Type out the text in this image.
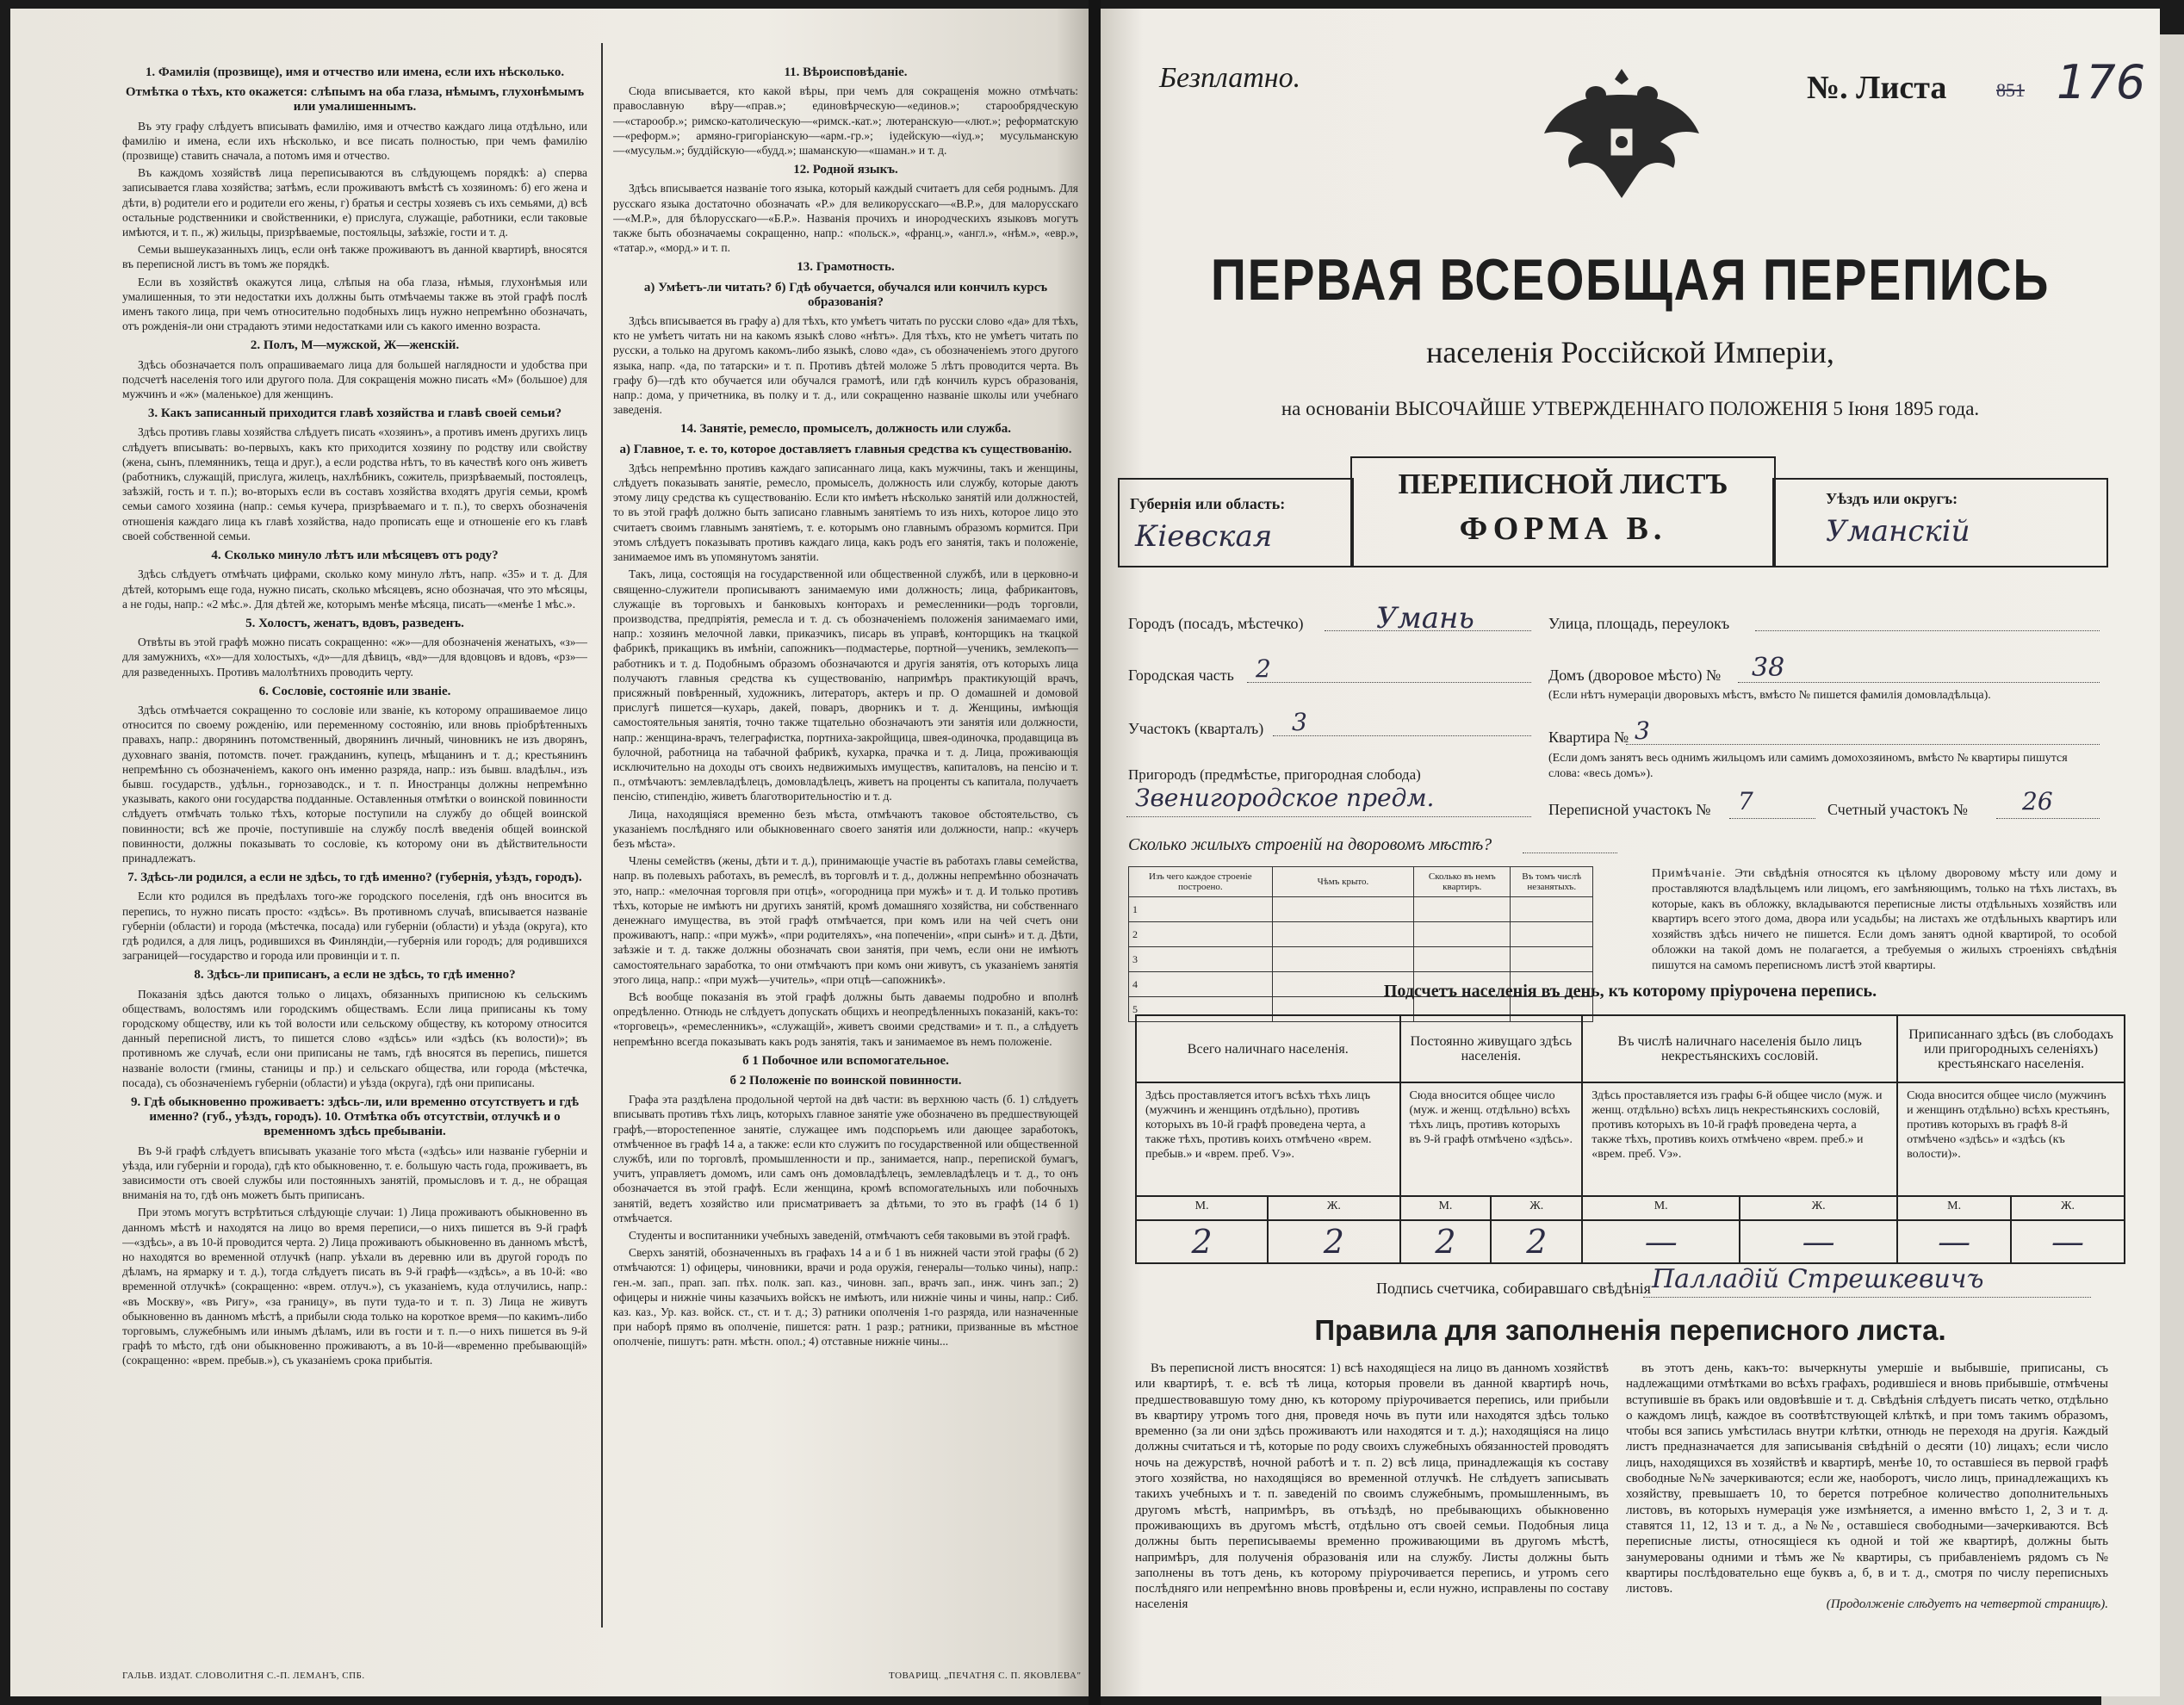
1. Фамилія (прозвище), имя и отчество или имена, если ихъ нѣсколько.
Отмѣтка о тѣхъ, кто окажется: слѣпымъ на оба глаза, нѣмымъ, глухонѣмымъ или умалишеннымъ.

Въ эту графу слѣдуетъ вписывать фамилію, имя и отчество каждаго лица отдѣльно, или фамилію и имена, если ихъ нѣсколько, и все писать полностью, при чемъ фамилію (прозвище) ставить сначала, а потомъ имя и отчество.

Въ каждомъ хозяйствѣ лица переписываются въ слѣдующемъ порядкѣ: а) сперва записывается глава хозяйства; затѣмъ, если проживаютъ вмѣстѣ съ хозяиномъ: б) его жена и дѣти, в) родители его и родители его жены, г) братья и сестры хозяевъ съ ихъ семьями, д) всѣ остальные родственники и свойственники, е) прислуга, служащіе, работники, если таковые имѣются, и т. п., ж) жильцы, призрѣваемые, постояльцы, заѣзжіе, гости и т. д.

Семьи вышеуказанныхъ лицъ, если онѣ также проживаютъ въ данной квартирѣ, вносятся въ переписной листъ въ томъ же порядкѣ.

Если въ хозяйствѣ окажутся лица, слѣпыя на оба глаза, нѣмыя, глухонѣмыя или умалишенныя, то эти недостатки ихъ должны быть отмѣчаемы также въ этой графѣ послѣ именъ такого лица, при чемъ относительно подобныхъ лицъ нужно непремѣнно обозначать, отъ рожденія-ли они страдаютъ этими недостатками или съ какого именно возраста.

2. Полъ, М—мужской, Ж—женскій.

Здѣсь обозначается полъ опрашиваемаго лица для большей наглядности и удобства при подсчетѣ населенія того или другого пола. Для сокращенія можно писать «М» (большое) для мужчинъ и «ж» (маленькое) для женщинъ.

3. Какъ записанный приходится главѣ хозяйства и главѣ своей семьи?

Здѣсь противъ главы хозяйства слѣдуетъ писать «хозяинъ», а противъ именъ другихъ лицъ слѣдуетъ вписывать: во-первыхъ, какъ кто приходится хозяину по родству или свойству (жена, сынъ, племянникъ, теща и друг.), а если родства нѣтъ, то въ качествѣ кого онъ живетъ (работникъ, служащій, прислуга, жилецъ, нахлѣбникъ, сожитель, призрѣваемый, постоялецъ, заѣзжій, гость и т. п.); во-вторыхъ если въ составъ хозяйства входятъ другія семьи, кромѣ семьи самого хозяина (напр.: семья кучера, призрѣваемаго и т. п.), то сверхъ обозначенія отношенія каждаго лица къ главѣ хозяйства, надо прописать еще и отношеніе его къ главѣ своей собственной семьи.

4. Сколько минуло лѣтъ или мѣсяцевъ отъ роду?

Здѣсь слѣдуетъ отмѣчать цифрами, сколько кому минуло лѣтъ, напр. «35» и т. д. Для дѣтей, которымъ еще года, нужно писать, сколько мѣсяцевъ, ясно обозначая, что это мѣсяцы, а не годы, напр.: «2 мѣс.». Для дѣтей же, которымъ менѣе мѣсяца, писать—«менѣе 1 мѣс.».

5. Холостъ, женатъ, вдовъ, разведенъ.

Отвѣты въ этой графѣ можно писать сокращенно: «ж»—для обозначенія женатыхъ, «з»—для замужнихъ, «х»—для холостыхъ, «д»—для дѣвицъ, «вд»—для вдовцовъ и вдовъ, «рз»—для разведенныхъ. Противъ малолѣтнихъ проводить черту.

6. Сословіе, состояніе или званіе.

Здѣсь отмѣчается сокращенно то сословіе или званіе, къ которому опрашиваемое лицо относится по своему рожденію, или переменному состоянію, или вновь пріобрѣтенныхъ правахъ, напр.: дворянинъ потомственный, дворянинъ личный, чиновникъ не изъ дворянъ, духовнаго званія, потомств. почет. гражданинъ, купецъ, мѣщанинъ и т. д.; крестьянинъ непремѣнно съ обозначеніемъ, какого онъ именно разряда, напр.: изъ бывш. владѣльч., изъ бывш. государств., удѣльн., горнозаводск., и т. п. Иностранцы должны непремѣнно указывать, какого они государства подданные. Оставленныя отмѣтки о воинской повинности слѣдуетъ отмѣчать только тѣхъ, которые поступили на службу до общей воинской повинности; всѣ же прочіе, поступившіе на службу послѣ введенія общей воинской повинности, должны показывать то сословіе, къ которому они въ дѣйствительности принадлежатъ.

7. Здѣсь-ли родился, а если не здѣсь, то гдѣ именно? (губернія, уѣздъ, городъ).

Если кто родился въ предѣлахъ того-же городского поселенія, гдѣ онъ вносится въ перепись, то нужно писать просто: «здѣсь». Въ противномъ случаѣ, вписывается названіе губерніи (области) и города (мѣстечка, посада) или губерніи (области) и уѣзда (округа), кто гдѣ родился, а для лицъ, родившихся въ Финляндіи,—губернія или городъ; для родившихся заграницей—государство и города или провинціи и т. п.

8. Здѣсь-ли приписанъ, а если не здѣсь, то гдѣ именно?

Показанія здѣсь даются только о лицахъ, обязанныхъ приписною къ сельскимъ обществамъ, волостямъ или городскимъ обществамъ. Если лица приписаны къ тому городскому обществу, или къ той волости или сельскому обществу, къ которому относится данный переписной листъ, то пишется слово «здѣсь» или «здѣсь (къ волости)»; въ противномъ же случаѣ, если они приписаны не тамъ, гдѣ вносятся въ перепись, пишется названіе волости (гмины, станицы и пр.) и сельскаго общества, или города (мѣстечка, посада), съ обозначеніемъ губерніи (области) и уѣзда (округа), гдѣ они приписаны.

9. Гдѣ обыкновенно проживаетъ: здѣсь-ли, или временно отсутствуетъ и гдѣ именно? (губ., уѣздъ, городъ). 10. Отмѣтка объ отсутствіи, отлучкѣ и о временномъ здѣсь пребываніи.

Въ 9-й графѣ слѣдуетъ вписывать указаніе того мѣста («здѣсь» или названіе губерніи и уѣзда, или губерніи и города), гдѣ кто обыкновенно, т. е. большую часть года, проживаетъ, въ зависимости отъ своей службы или постоянныхъ занятій, промысловъ и т. д., не обращая вниманія на то, гдѣ онъ можетъ быть приписанъ.

При этомъ могутъ встрѣтиться слѣдующіе случаи: 1) Лица проживаютъ обыкновенно въ данномъ мѣстѣ и находятся на лицо во время переписи,—о нихъ пишется въ 9-й графѣ—«здѣсь», а въ 10-й проводится черта. 2) Лица проживаютъ обыкновенно въ данномъ мѣстѣ, но находятся во временной отлучкѣ (напр. уѣхали въ деревню или въ другой городъ по дѣламъ, на ярмарку и т. д.), тогда слѣдуетъ писать въ 9-й графѣ—«здѣсь», а въ 10-й: «во временной отлучкѣ» (сокращенно: «врем. отлуч.»), съ указаніемъ, куда отлучились, напр.: «въ Москву», «въ Ригу», «за границу», въ пути туда-то и т. п. 3) Лица не живутъ обыкновенно въ данномъ мѣстѣ, а прибыли сюда только на короткое время—по какимъ-либо торговымъ, служебнымъ или инымъ дѣламъ, или въ гости и т. п.—о нихъ пишется въ 9-й графѣ то мѣсто, гдѣ они обыкновенно проживаютъ, а въ 10-й—«временно пребывающій» (сокращенно: «врем. пребыв.»), съ указаніемъ срока прибытія.

11. Вѣроисповѣданіе.

Сюда вписывается, кто какой вѣры, при чемъ для сокращенія можно отмѣчать: православную вѣру—«прав.»; единовѣрческую—«единов.»; старообрядческую—«старообр.»; римско-католическую—«римск.-кат.»; лютеранскую—«лют.»; реформатскую—«реформ.»; армяно-григоріанскую—«арм.-гр.»; іудейскую—«іуд.»; мусульманскую—«мусульм.»; буддійскую—«будд.»; шаманскую—«шаман.» и т. д.

12. Родной языкъ.

Здѣсь вписывается названіе того языка, который каждый считаетъ для себя роднымъ. Для русскаго языка достаточно обозначать «Р.» для великорусскаго—«В.Р.», для малорусскаго—«М.Р.», для бѣлорусскаго—«Б.Р.». Названія прочихъ и инородческихъ языковъ могутъ также быть обозначаемы сокращенно, напр.: «польск.», «франц.», «англ.», «нѣм.», «евр.», «татар.», «морд.» и т. п.

13. Грамотность.
а) Умѣетъ-ли читать? б) Гдѣ обучается, обучался или кончилъ курсъ образованія?

Здѣсь вписывается въ графу а) для тѣхъ, кто умѣетъ читать по русски слово «да» для тѣхъ, кто не умѣетъ читать ни на какомъ языкѣ слово «нѣтъ». Для тѣхъ, кто не умѣетъ читать по русски, а только на другомъ какомъ-либо языкѣ, слово «да», съ обозначеніемъ этого другого языка, напр. «да, по татарски» и т. п. Противъ дѣтей моложе 5 лѣтъ проводится черта. Въ графу б)—гдѣ кто обучается или обучался грамотѣ, или гдѣ кончилъ курсъ образованія, напр.: дома, у причетника, въ полку и т. д., или сокращенно названіе школы или учебнаго заведенія.

14. Занятіе, ремесло, промыселъ, должность или служба.
а) Главное, т. е. то, которое доставляетъ главныя средства къ существованію.

Здѣсь непремѣнно противъ каждаго записаннаго лица, какъ мужчины, такъ и женщины, слѣдуетъ показывать занятіе, ремесло, промыселъ, должность или службу, которые даютъ этому лицу средства къ существованію. Если кто имѣетъ нѣсколько занятій или должностей, то въ этой графѣ должно быть записано главнымъ занятіемъ то изъ нихъ, которое лицо это считаетъ своимъ главнымъ занятіемъ, т. е. которымъ оно главнымъ образомъ кормится. При этомъ слѣдуетъ показывать противъ каждаго лица, какъ родъ его занятія, такъ и положеніе, занимаемое имъ въ упомянутомъ занятіи.

Такъ, лица, состоящія на государственной или общественной службѣ, или в церковно-и священно-служители прописываютъ занимаемую ими должность; лица, фабрикантовъ, служащіе въ торговыхъ и банковыхъ конторахъ и ремесленники—родъ торговли, производства, предпріятія, ремесла и т. д. съ обозначеніемъ положенія занимаемаго ими, напр.: хозяинъ мелочной лавки, приказчикъ, писарь въ управѣ, конторщикъ на ткацкой фабрикѣ, прикащикъ въ имѣніи, сапожникъ—подмастерье, портной—ученикъ, землекопъ—работникъ и т. д. Подобнымъ образомъ обозначаются и другія занятія, отъ которыхъ лица получаютъ главныя средства къ существованію, напримѣръ практикующій врачъ, присяжный повѣренный, художникъ, литераторъ, актеръ и пр. О домашней и домовой прислугѣ пишется—кухарь, дакей, поваръ, дворникъ и т. д. Женщины, имѣющія самостоятельныя занятія, точно также тщательно обозначаютъ эти занятія или должности, напр.: женщина-врачъ, телеграфистка, портниха-закройщица, швея-одиночка, продавщица въ булочной, работница на табачной фабрикѣ, кухарка, прачка и т. д. Лица, проживающія исключительно на доходы отъ своихъ недвижимыхъ имуществъ, капиталовъ, на пенсію и т. п., отмѣчаютъ: землевладѣлецъ, домовладѣлецъ, живетъ на проценты съ капитала, получаетъ пенсію, стипендію, живетъ благотворительностію и т. д.

Лица, находящіяся временно безъ мѣста, отмѣчаютъ таковое обстоятельство, съ указаніемъ послѣдняго или обыкновеннаго своего занятія или должности, напр.: «кучеръ безъ мѣста».

Члены семействъ (жены, дѣти и т. д.), принимающіе участіе въ работахъ главы семейства, напр. въ полевыхъ работахъ, въ ремеслѣ, въ торговлѣ и т. д., должны непремѣнно обозначать это, напр.: «мелочная торговля при отцѣ», «огородница при мужѣ» и т. д. И только противъ тѣхъ, которые не имѣютъ ни другихъ занятій, кромѣ домашняго хозяйства, ни собственнаго денежнаго имущества, въ этой графѣ отмѣчается, при комъ или на чей счетъ они проживаютъ, напр.: «при мужѣ», «при родителяхъ», «на попеченіи», «при сынѣ» и т. д. Дѣти, заѣзжіе и т. д. также должны обозначать свои занятія, при чемъ, если они не имѣютъ самостоятельнаго заработка, то они отмѣчаютъ при комъ они живутъ, съ указаніемъ занятія этого лица, напр.: «при мужѣ—учитель», «при отцѣ—сапожникѣ».

Всѣ вообще показанія въ этой графѣ должны быть даваемы подробно и вполнѣ опредѣленно. Отнюдь не слѣдуетъ допускать общихъ и неопредѣленныхъ показаній, какъ-то: «торговецъ», «ремесленникъ», «служащій», живетъ своими средствами» и т. п., а слѣдуетъ непремѣнно всегда показывать какъ родъ занятія, такъ и занимаемое въ немъ положеніе.

б 1 Побочное или вспомогательное.
б 2 Положеніе по воинской повинности.

Графа эта раздѣлена продольной чертой на двѣ части: въ верхнюю часть (б. 1) слѣдуетъ вписывать противъ тѣхъ лицъ, которыхъ главное занятіе уже обозначено въ предшествующей графѣ,—второстепенное занятіе, служащее имъ подспорьемъ или дающее заработокъ, отмѣченное въ графѣ 14 а, а также: если кто служитъ по государственной или общественной службѣ, или по торговлѣ, промышленности и пр., занимается, напр., перепиской бумагъ, учитъ, управляетъ домомъ, или самъ онъ домовладѣлецъ, землевладѣлецъ и т. д., то онъ обозначается въ этой графѣ. Если женщина, кромѣ вспомогательныхъ или побочныхъ занятій, ведетъ хозяйство или присматриваетъ за дѣтьми, то это въ графѣ (14 б 1) отмѣчается.

Студенты и воспитанники учебныхъ заведеній, отмѣчаютъ себя таковыми въ этой графѣ.

Сверхъ занятій, обозначенныхъ въ графахъ 14 а и б 1 въ нижней части этой графы (б 2) отмѣчаются: 1) офицеры, чиновники, врачи и рода оружія, генералы—только чины), напр.: ген.-м. зап., прап. зап. пѣх. полк. зап. каз., чиновн. зап., врачъ зап., инж. чинъ зап.; 2) офицеры и нижніе чины казачьихъ войскъ не имѣютъ, или нижніе чины и чины, напр.: Сиб. каз. каз., Ур. каз. войск. ст., ст. и т. д.; 3) ратники ополченія 1-го разряда, или назначенные при наборѣ прямо въ ополченіе, пишется: ратн. 1 разр.; ратники, призванные въ мѣстное ополченіе, пишутъ: ратн. мѣстн. опол.; 4) отставные нижніе чины...

ГАЛЬВ. ИЗДАТ. СЛОВОЛИТНЯ С.-П. ЛЕМАНЪ, СПБ.	ТОВАРИЩ. „ПЕЧАТНЯ С. П. ЯКОВЛЕВА"
Безплатно.	№. Листа	851 176
ПЕРВАЯ ВСЕОБЩАЯ ПЕРЕПИСЬ
населенія Россійской Имперіи,
на основаніи ВЫСОЧАЙШЕ УТВЕРЖДЕННАГО ПОЛОЖЕНІЯ 5 Іюня 1895 года.
Губернія или область:
Кіевская
ПЕРЕПИСНОЙ ЛИСТЪ
ФОРМА В.
Уѣздъ или округъ:
Уманскій
Городъ (посадъ, мѣстечко) Умань	Улица, площадь, переулокъ
Городская часть 2	Домъ (дворовое мѣсто) № 38
(Если нѣтъ нумераціи дворовыхъ мѣстъ, вмѣсто № пишется фамилія домовладѣльца).
Участокъ (кварталъ) 3
Квартира № 3
(Если домъ занятъ весь однимъ жильцомъ или самимъ домохозяиномъ, вмѣсто № квартиры пишутся слова: «весь домъ»).
Пригородъ (предмѣстье, пригородная слобода)
Звенигородское предм.	Переписной участокъ № 7	Счетный участокъ № 26
Сколько жилыхъ строеній на дворовомъ мѣстѣ?
Изъ чего каждое строеніе построено.	Чѣмъ крыто.	Сколько въ немъ квартиръ.	Въ томъ числѣ незанятыхъ.
1			
2			
3			
4			
5			
Примѣчаніе. Эти свѣдѣнія относятся къ цѣлому дворовому мѣсту или дому и проставляются владѣльцемъ или лицомъ, его замѣняющимъ, только на тѣхъ листахъ, въ которые, какъ въ обложку, вкладываются переписные листы отдѣльныхъ хозяйствъ или квартиръ всего этого дома, двора или усадьбы; на листахъ же отдѣльныхъ квартиръ или хозяйствъ здѣсь ничего не пишется. Если домъ занятъ одной квартирой, то особой обложки на такой домъ не полагается, а требуемыя о жилыхъ строеніяхъ свѣдѣнія пишутся на самомъ переписномъ листѣ этой квартиры.
Подсчетъ населенія въ день, къ которому пріурочена перепись.
Всего наличнаго населенія.		Постоянно живущаго здѣсь населенія.		Въ числѣ наличнаго населенія было лицъ некрестьянскихъ сословій.		Приписаннаго здѣсь (въ слободахъ или пригородныхъ селеніяхъ) крестьянскаго населенія.	
Здѣсь проставляется итогъ всѣхъ тѣхъ лицъ (мужчинъ и женщинъ отдѣльно), противъ которыхъ въ 10-й графѣ проведена черта, а также тѣхъ, противъ коихъ отмѣчено «врем. пребыв.» и «врем. преб. Vэ».		Сюда вносится общее число (муж. и женщ. отдѣльно) всѣхъ тѣхъ лицъ, противъ которыхъ въ 9-й графѣ отмѣчено «здѣсь».		Здѣсь проставляется изъ графы 6-й общее число (муж. и женщ. отдѣльно) всѣхъ лицъ некрестьянскихъ сословій, противъ которыхъ въ 10-й графѣ проведена черта, а также тѣхъ, противъ коихъ отмѣчено «врем. преб.» и «врем. преб. Vэ».		Сюда вносится общее число (мужчинъ и женщинъ отдѣльно) всѣхъ крестьянъ, противъ которыхъ въ графѣ 8-й отмѣчено «здѣсь» и «здѣсь (къ волости)».	
М.	Ж.	М.	Ж.	М.	Ж.	М.	Ж.
2	2	2	2	—	—	—	—
Подпись счетчика, собиравшаго свѣдѣнія Палладій Стрешкевичъ
Правила для заполненія переписного листа.

Въ переписной листъ вносятся: 1) всѣ находящіеся на лицо въ данномъ хозяйствѣ или квартирѣ, т. е. всѣ тѣ лица, которыя провели въ данной квартирѣ ночь, предшествовавшую тому дню, къ которому пріурочивается перепись, или прибыли въ квартиру утромъ того дня, проведя ночь въ пути или находятся здѣсь только временно (за ли они здѣсь проживаютъ или находятся и т. д.); находящіяся на лицо должны считаться и тѣ, которые по роду своихъ служебныхъ обязанностей проводятъ ночь на дежурствѣ, ночной работѣ и т. п. 2) всѣ лица, принадлежащія къ составу этого хозяйства, но находящіяся во временной отлучкѣ. Не слѣдуетъ записывать такихъ учебныхъ и т. п. заведеній по своимъ служебнымъ, промышленнымъ, въ другомъ мѣстѣ, напримѣръ, въ отъѣздѣ, но пребывающихъ обыкновенно проживающихъ въ другомъ мѣстѣ, отдѣльно отъ своей семьи. Подобныя лица должны быть переписываемы временно проживающими въ другомъ мѣстѣ, напримѣръ, для полученія образованія или на службу. Листы должны быть заполнены въ тотъ день, къ которому пріурочивается перепись, и утромъ сего послѣдняго или непремѣнно вновь провѣрены и, если нужно, исправлены по составу населенія

въ этотъ день, какъ-то: вычеркнуты умершіе и выбывшіе, приписаны, съ надлежащими отмѣтками во всѣхъ графахъ, родившіеся и вновь прибывшіе, отмѣчены вступившіе въ бракъ или овдовѣвшіе и т. д. Свѣдѣнія слѣдуетъ писать четко, отдѣльно о каждомъ лицѣ, каждое въ соотвѣтствующей клѣткѣ, и при томъ такимъ образомъ, чтобы вся запись умѣстилась внутри клѣтки, отнюдь не переходя на другія. Каждый листъ предназначается для записыванія свѣдѣній о десяти (10) лицахъ; если число лицъ, находящихся въ хозяйствѣ и квартирѣ, менѣе 10, то оставшіеся въ первой графѣ свободные №№ зачеркиваются; если же, наоборотъ, число лицъ, принадлежащихъ къ хозяйству, превышаетъ 10, то берется потребное количество дополнительныхъ листовъ, въ которыхъ нумерація уже измѣняется, а именно вмѣсто 1, 2, 3 и т. д. ставятся 11, 12, 13 и т. д., а №№, оставшіеся свободными—зачеркиваются. Всѣ переписные листы, относящіеся къ одной и той же квартирѣ, должны быть занумерованы одними и тѣмъ же № квартиры, съ прибавленіемъ рядомъ съ № квартиры послѣдовательно еще буквъ а, б, в и т. д., смотря по числу переписныхъ листовъ.

(Продолженіе слѣдуетъ на четвертой страницѣ).
